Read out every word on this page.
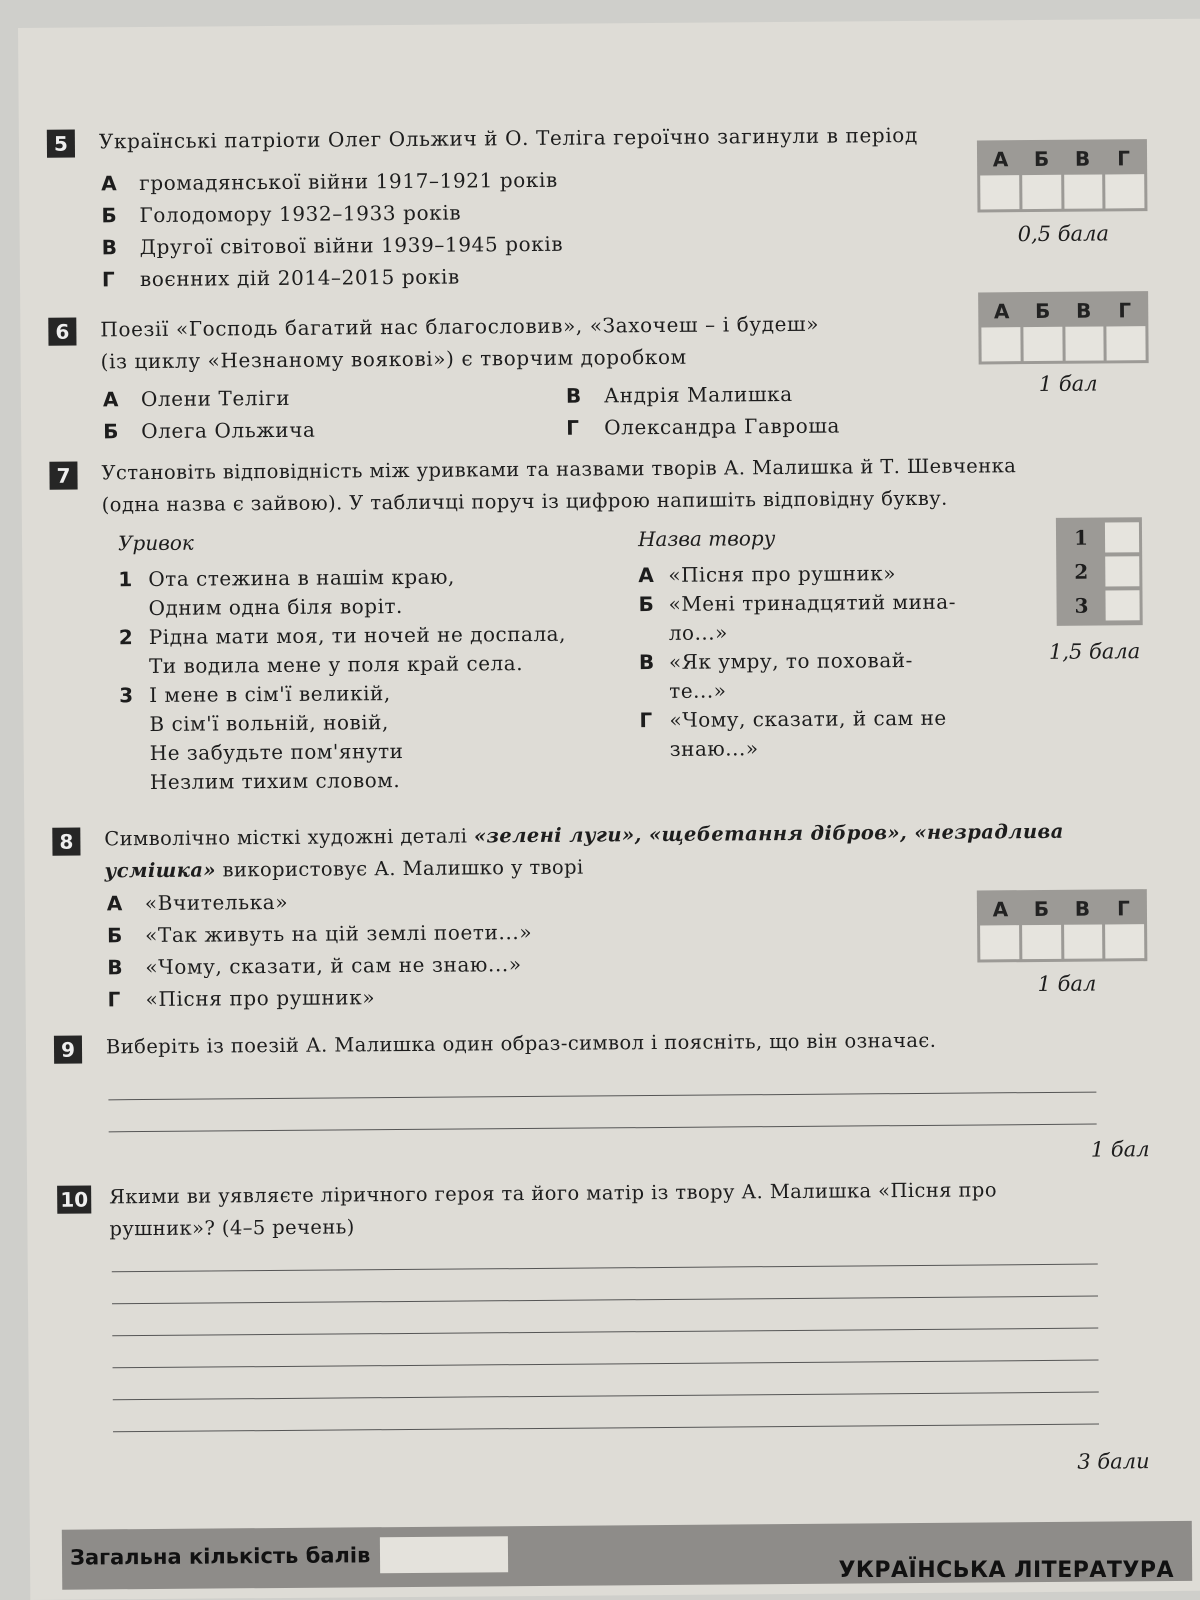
5	Українські патріоти Олег Ольжич й О. Теліга героїчно загинули в період
А громадянської війни 1917–1921 років
Б Голодомору 1932–1933 років
В Другої світової війни 1939–1945 років
Г воєнних дій 2014–2015 років
А	Б	В	Г
0,5 бала
6	Поезії «Господь багатий нас благословив», «Захочеш – і будеш»
(із циклу «Незнаному воякові») є творчим доробком
А Олени Теліги
Б Олега Ольжича
В Андрія Малишка
Г Олександра Гавроша
А	Б	В	Г
1 бал
7	Установіть відповідність між уривками та назвами творів А. Малишка й Т. Шевченка
(одна назва є зайвою). У табличці поруч із цифрою напишіть відповідну букву.
Уривок	Назва твору
1 Ота стежина в нашім краю,
Одним одна біля воріт.
2 Рідна мати моя, ти ночей не доспала,
Ти водила мене у поля край села.
3 І мене в сім'ї великій,
В сім'ї вольній, новій,
Не забудьте пом'янути
Незлим тихим словом.
А «Пісня про рушник»
Б «Мені тринадцятий мина-
ло...»
В «Як умру, то поховай-
те...»
Г «Чому, сказати, й сам не
знаю...»
1
2
3
1,5 бала
8	Символічно місткі художні деталі «зелені луги», «щебетання дібров», «незрадлива
усмішка» використовує А. Малишко у творі
А «Вчителька»
Б «Так живуть на цій землі поети...»
В «Чому, сказати, й сам не знаю...»
Г «Пісня про рушник»
А	Б	В	Г
1 бал
9	Виберіть із поезій А. Малишка один образ-символ і поясніть, що він означає.
1 бал
10 Якими ви уявляєте ліричного героя та його матір із твору А. Малишка «Пісня про
рушник»? (4–5 речень)
3 бали
Загальна кількість балів
УКРАЇНСЬКА ЛІТЕРАТУРА
